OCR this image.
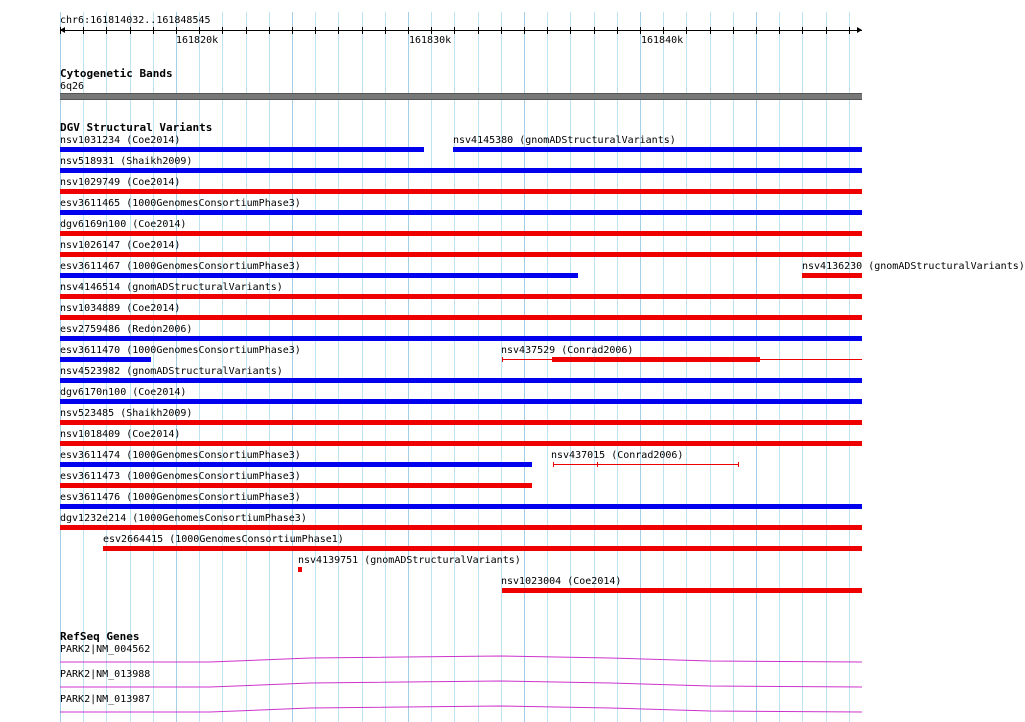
chr6:161814032..161848545
161820k	161830k	161840k
Cytogenetic Bands
6q26
DGV Structural Variants
nsv1031234 (Coe2014)	nsv4145380 (gnomADStructuralVariants)
nsv518931 (Shaikh2009)
nsv1029749 (Coe2014)
esv3611465 (1000GenomesConsortiumPhase3)
dgv6169n100 (Coe2014)
nsv1026147 (Coe2014)
esv3611467 (1000GenomesConsortiumPhase3)	nsv4136230 (gnomADStructuralVariants)
nsv4146514 (gnomADStructuralVariants)
nsv1034889 (Coe2014)
esv2759486 (Redon2006)
esv3611470 (1000GenomesConsortiumPhase3)	nsv437529 (Conrad2006)
nsv4523982 (gnomADStructuralVariants)
dgv6170n100 (Coe2014)
nsv523485 (Shaikh2009)
nsv1018409 (Coe2014)
esv3611474 (1000GenomesConsortiumPhase3)	nsv437015 (Conrad2006)
esv3611473 (1000GenomesConsortiumPhase3)
esv3611476 (1000GenomesConsortiumPhase3)
dgv1232e214 (1000GenomesConsortiumPhase3)
esv2664415 (1000GenomesConsortiumPhase1)
nsv4139751 (gnomADStructuralVariants)
nsv1023004 (Coe2014)
RefSeq Genes
PARK2|NM_004562
PARK2|NM_013988
PARK2|NM_013987
